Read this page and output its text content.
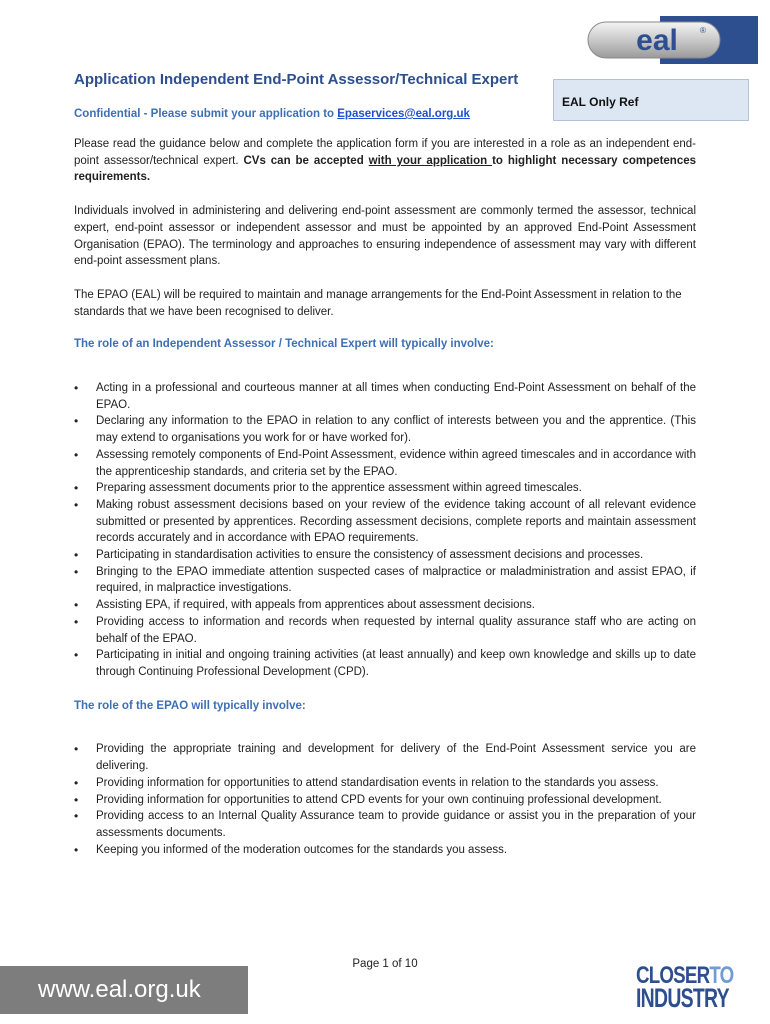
eal	®
EAL Only Ref
Application Independent End-Point Assessor/Technical Expert
Confidential - Please submit your application to Epaservices@eal.org.uk

Please read the guidance below and complete the application form if you are interested in a role as an independent end-point assessor/technical expert. CVs can be accepted with your application to highlight necessary competences requirements.

Individuals involved in administering and delivering end-point assessment are commonly termed the assessor, technical expert, end-point assessor or independent assessor and must be appointed by an approved End-Point Assessment Organisation (EPAO). The terminology and approaches to ensuring independence of assessment may vary with different end-point assessment plans.

The EPAO (EAL) will be required to maintain and manage arrangements for the End-Point Assessment in relation to the standards that we have been recognised to deliver.

The role of an Independent Assessor / Technical Expert will typically involve:
• Acting in a professional and courteous manner at all times when conducting End-Point Assessment on behalf of the EPAO.
• Declaring any information to the EPAO in relation to any conflict of interests between you and the apprentice. (This may extend to organisations you work for or have worked for).
• Assessing remotely components of End-Point Assessment, evidence within agreed timescales and in accordance with the apprenticeship standards, and criteria set by the EPAO.
• Preparing assessment documents prior to the apprentice assessment within agreed timescales.
• Making robust assessment decisions based on your review of the evidence taking account of all relevant evidence submitted or presented by apprentices. Recording assessment decisions, complete reports and maintain assessment records accurately and in accordance with EPAO requirements.
• Participating in standardisation activities to ensure the consistency of assessment decisions and processes.
• Bringing to the EPAO immediate attention suspected cases of malpractice or maladministration and assist EPAO, if required, in malpractice investigations.
• Assisting EPA, if required, with appeals from apprentices about assessment decisions.
• Providing access to information and records when requested by internal quality assurance staff who are acting on behalf of the EPAO.
• Participating in initial and ongoing training activities (at least annually) and keep own knowledge and skills up to date through Continuing Professional Development (CPD).
The role of the EPAO will typically involve:
• Providing the appropriate training and development for delivery of the End-Point Assessment service you are delivering.
• Providing information for opportunities to attend standardisation events in relation to the standards you assess.
• Providing information for opportunities to attend CPD events for your own continuing professional development.
• Providing access to an Internal Quality Assurance team to provide guidance or assist you in the preparation of your assessments documents.
• Keeping you informed of the moderation outcomes for the standards you assess.
Page 1 of 10
www.eal.org.uk
CLOSERTO
INDUSTRY
